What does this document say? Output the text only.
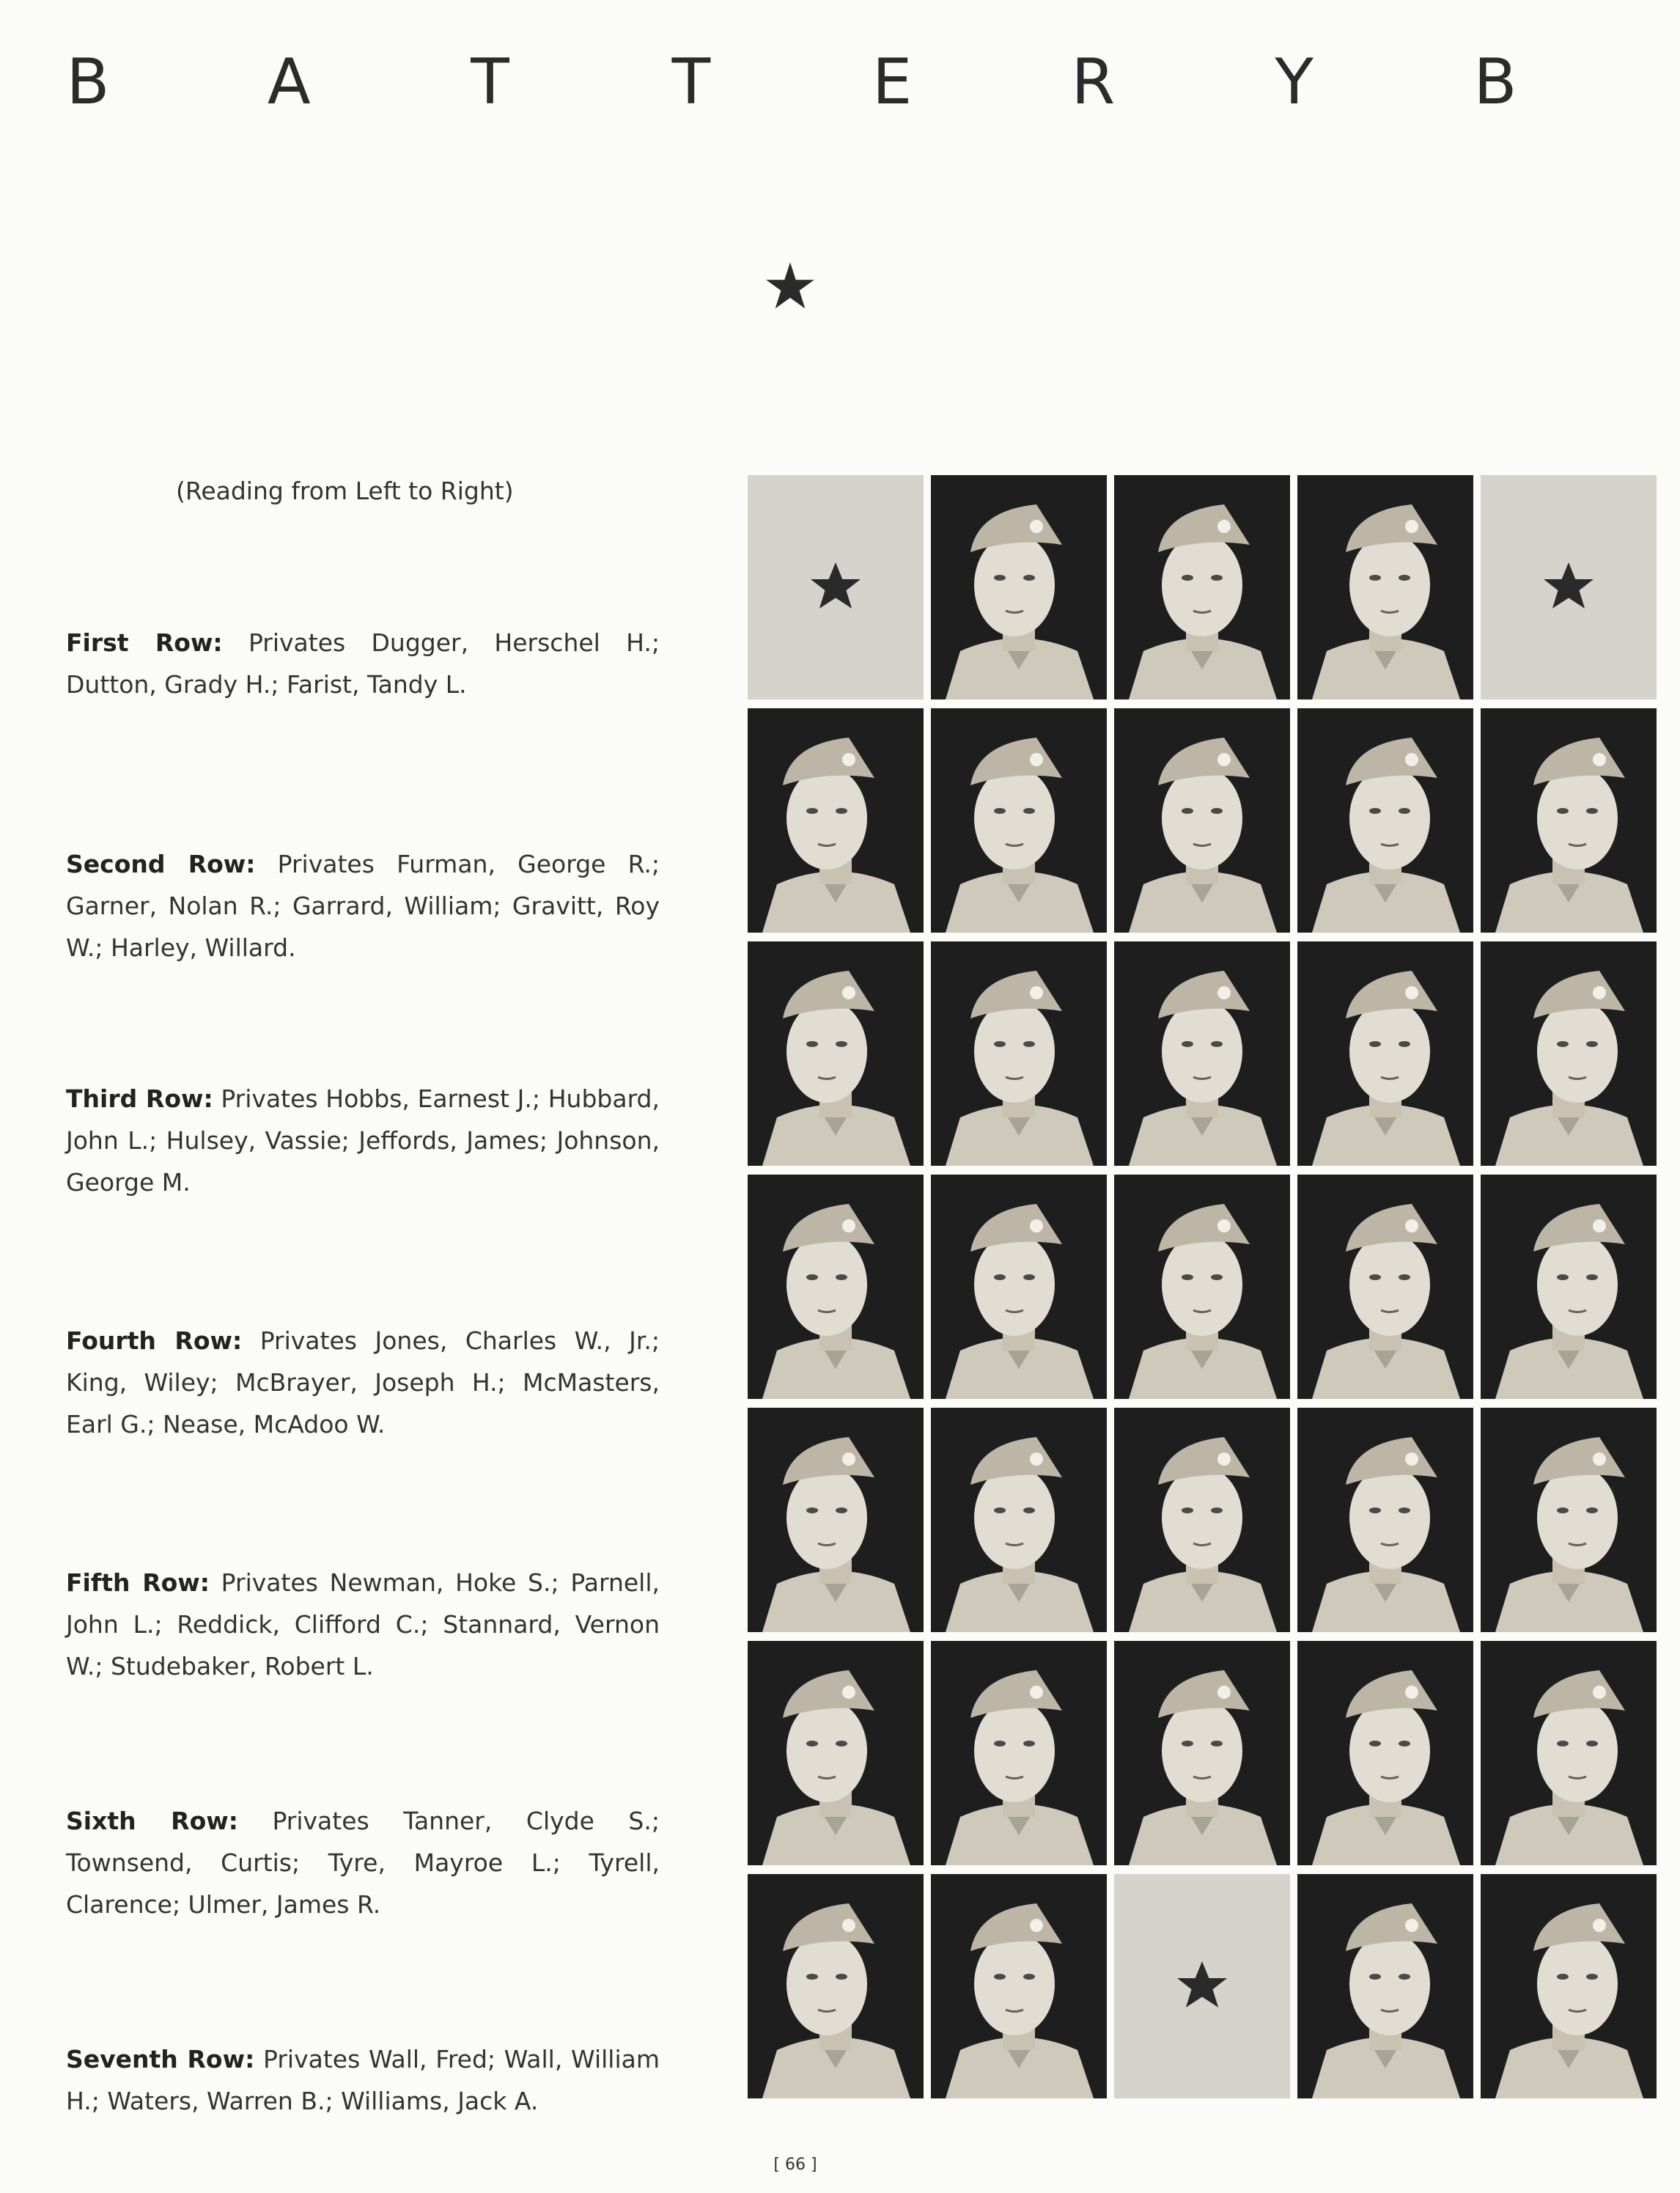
B	A	T	T	E	R	Y	B
(Reading from Left to Right)
First Row: Privates Dugger, Herschel H.; Dutton, Grady H.; Farist, Tandy L.
Second Row: Privates Furman, George R.; Garner, Nolan R.; Garrard, William; Gravitt, Roy W.; Harley, Willard.
Third Row: Privates Hobbs, Earnest J.; Hubbard, John L.; Hulsey, Vassie; Jeffords, James; Johnson, George M.
Fourth Row: Privates Jones, Charles W., Jr.; King, Wiley; McBrayer, Joseph H.; McMasters, Earl G.; Nease, McAdoo W.
Fifth Row: Privates Newman, Hoke S.; Parnell, John L.; Reddick, Clifford C.; Stannard, Vernon W.; Studebaker, Robert L.
Sixth Row: Privates Tanner, Clyde S.; Townsend, Curtis; Tyre, Mayroe L.; Tyrell, Clarence; Ulmer, James R.
Seventh Row: Privates Wall, Fred; Wall, William H.; Waters, Warren B.; Williams, Jack A.
[ 66 ]
